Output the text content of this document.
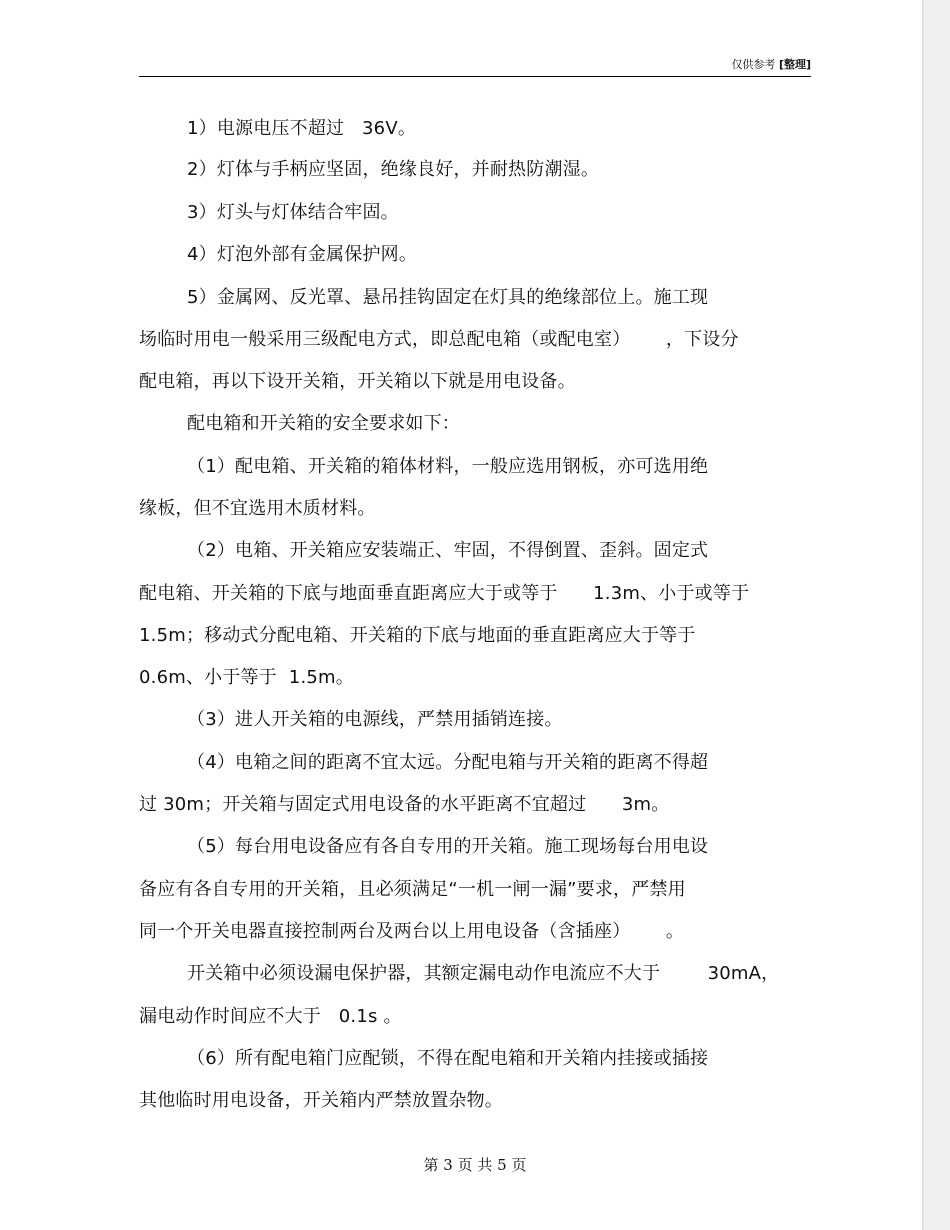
仅供参考 [整理]
1）电源电压不超过   36V。
2）灯体与手柄应坚固，绝缘良好，并耐热防潮湿。
3）灯头与灯体结合牢固。
4）灯泡外部有金属保护网。
5）金属网、反光罩、悬吊挂钩固定在灯具的绝缘部位上。施工现
场临时用电一般采用三级配电方式，即总配电箱（或配电室）      ，下设分
配电箱，再以下设开关箱，开关箱以下就是用电设备。
配电箱和开关箱的安全要求如下：
（1）配电箱、开关箱的箱体材料，一般应选用钢板，亦可选用绝
缘板，但不宜选用木质材料。
（2）电箱、开关箱应安装端正、牢固，不得倒置、歪斜。固定式
配电箱、开关箱的下底与地面垂直距离应大于或等于      1.3m、小于或等于
1.5m；移动式分配电箱、开关箱的下底与地面的垂直距离应大于等于
0.6m、小于等于  1.5m。
（3）进人开关箱的电源线，严禁用插销连接。
（4）电箱之间的距离不宜太远。分配电箱与开关箱的距离不得超
过 30m；开关箱与固定式用电设备的水平距离不宜超过      3m。
（5）每台用电设备应有各自专用的开关箱。施工现场每台用电设
备应有各自专用的开关箱，且必须满足“一机一闸一漏”要求，严禁用
同一个开关电器直接控制两台及两台以上用电设备（含插座）      。
开关箱中必须设漏电保护器，其额定漏电动作电流应不大于        30mA，
漏电动作时间应不大于   0.1s 。
（6）所有配电箱门应配锁，不得在配电箱和开关箱内挂接或插接
其他临时用电设备，开关箱内严禁放置杂物。
第 3 页 共 5 页
